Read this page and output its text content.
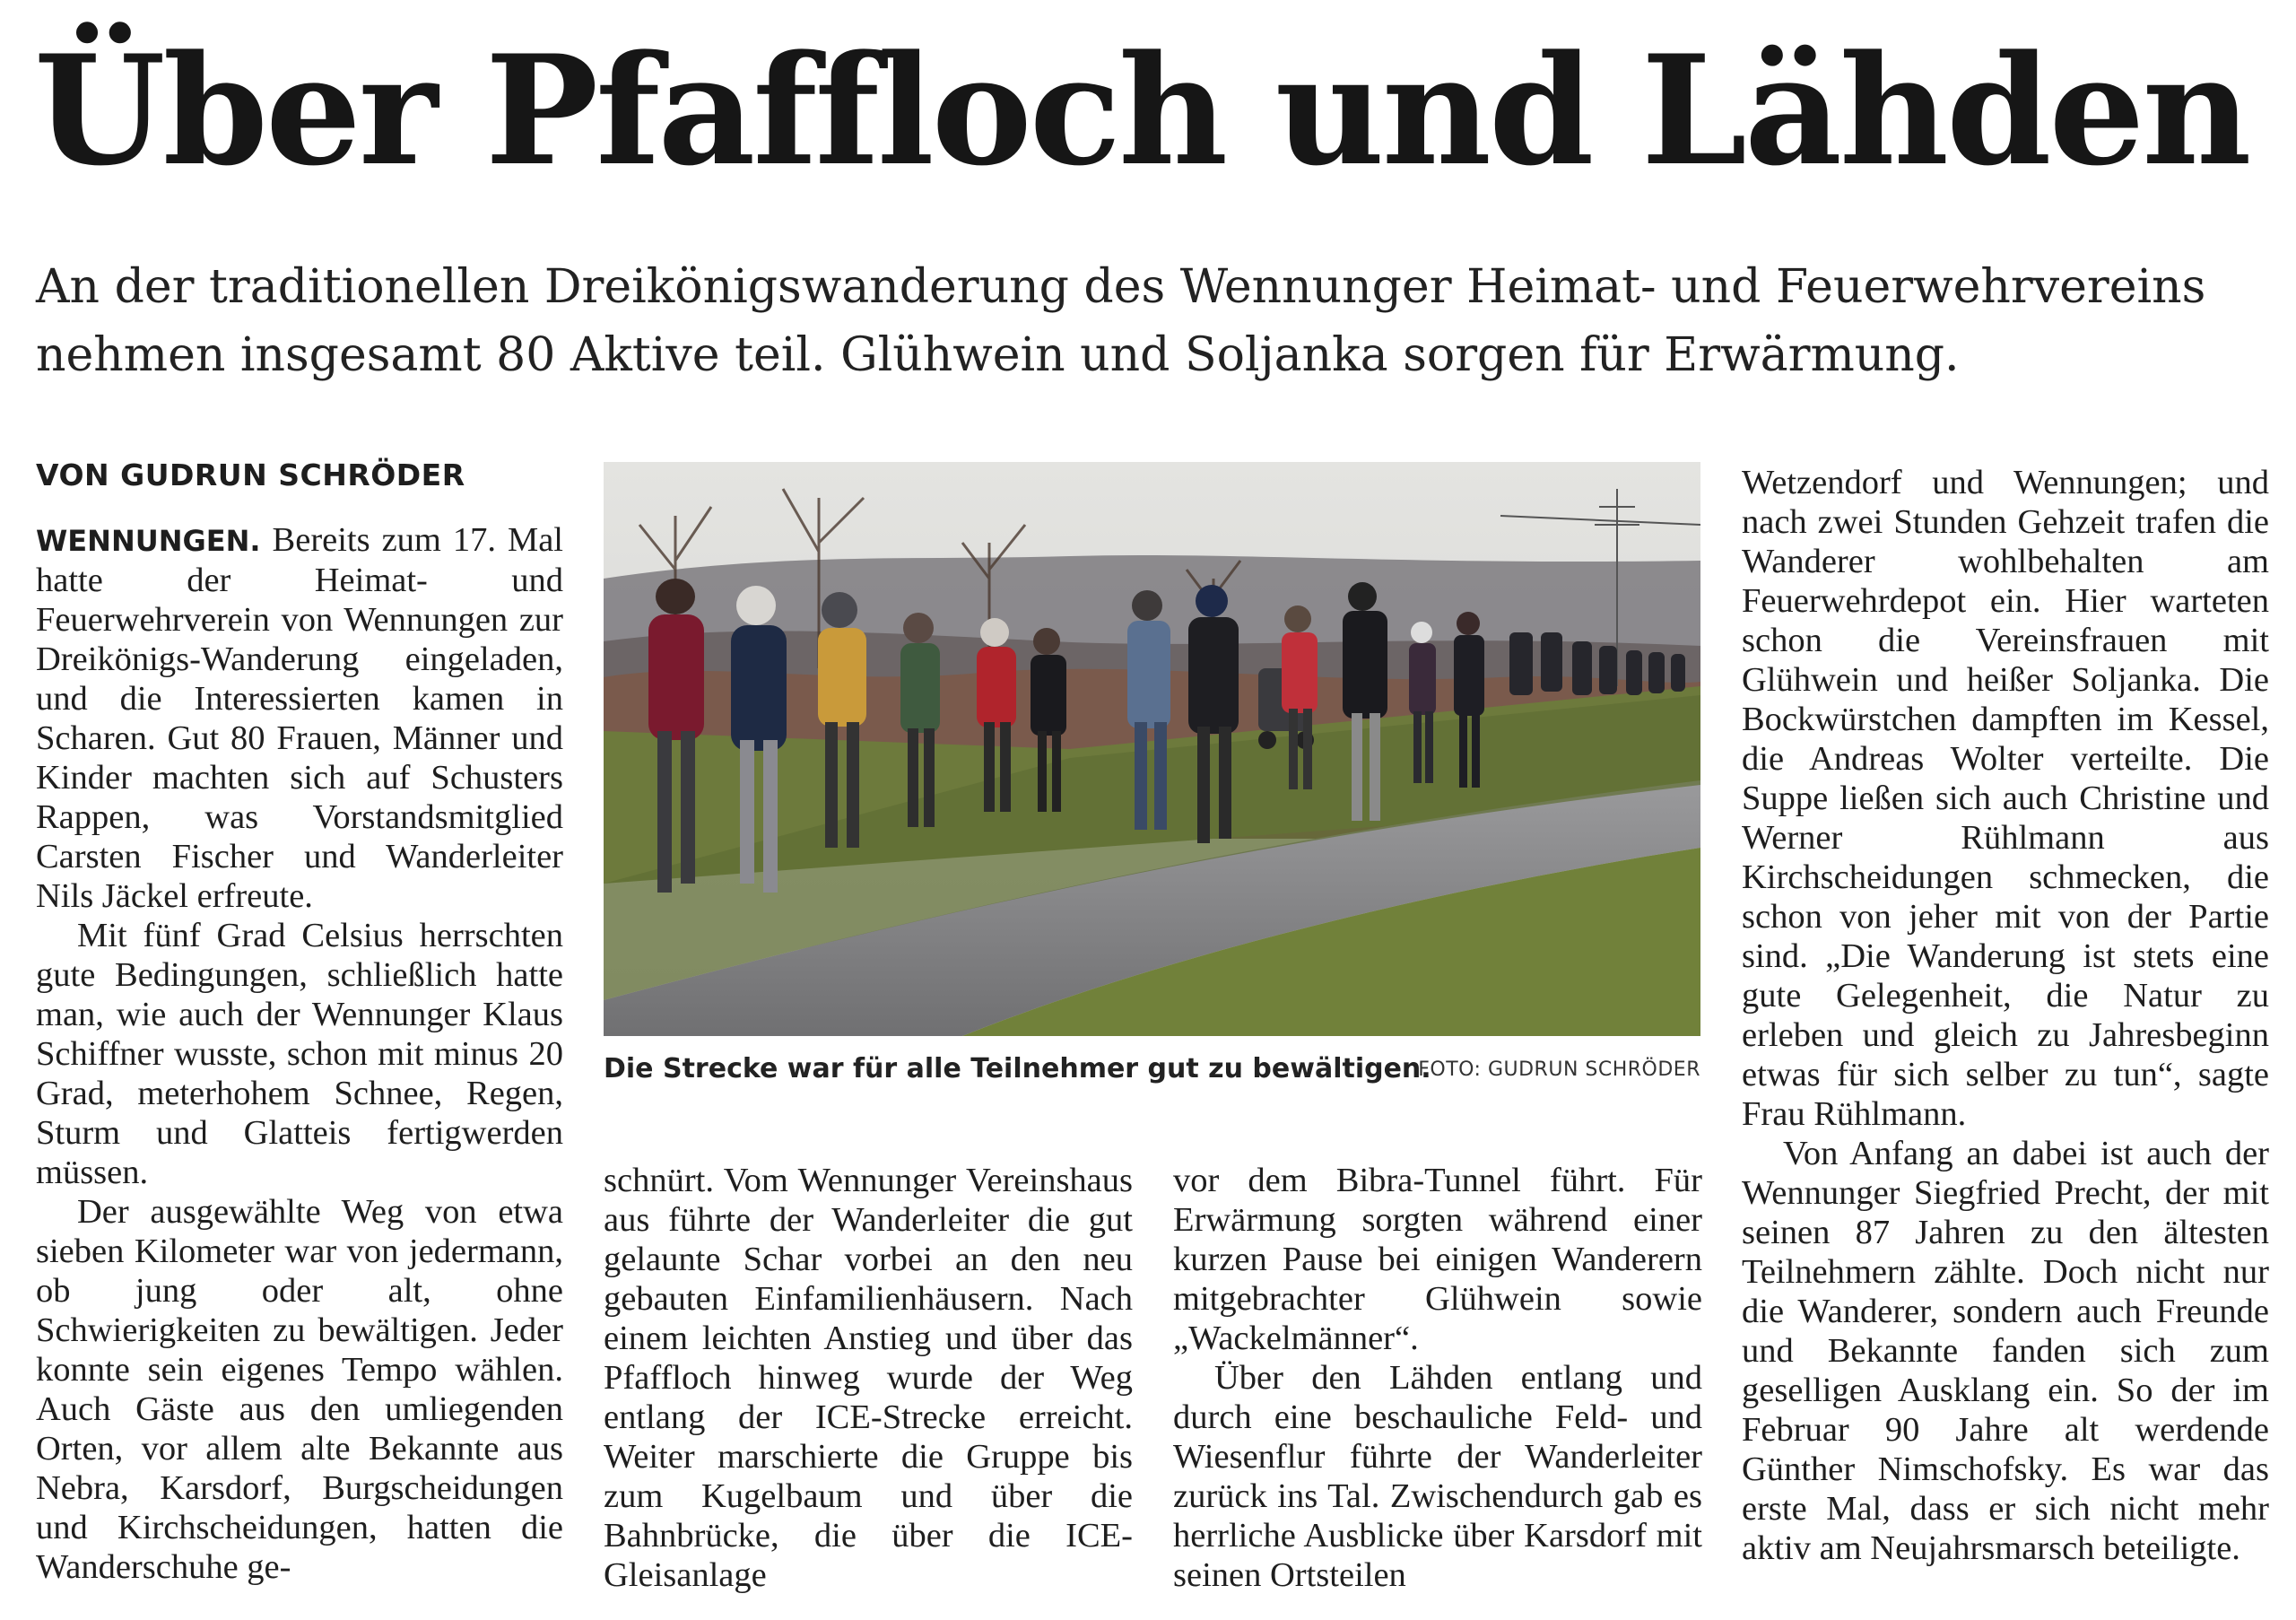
Über Pfaffloch und Lähden
An der traditionellen Dreikönigswanderung des Wennunger Heimat- und Feuerwehrvereins
nehmen insgesamt 80 Aktive teil. Glühwein und Soljanka sorgen für Erwärmung.
VON GUDRUN SCHRÖDER

WENNUNGEN. Bereits zum 17. Mal hatte der Heimat- und Feuerwehrverein von Wennungen zur Dreikönigs-Wanderung eingeladen, und die Interessierten kamen in Scharen. Gut 80 Frauen, Männer und Kinder machten sich auf Schusters Rappen, was Vorstandsmitglied Carsten Fischer und Wanderleiter Nils Jäckel erfreute.

Mit fünf Grad Celsius herrschten gute Bedingungen, schließlich hatte man, wie auch der Wennunger Klaus Schiffner wusste, schon mit minus 20 Grad, meterhohem Schnee, Regen, Sturm und Glatteis fertigwerden müssen.

Der ausgewählte Weg von etwa sieben Kilometer war von jedermann, ob jung oder alt, ohne Schwierigkeiten zu bewältigen. Jeder konnte sein eigenes Tempo wählen. Auch Gäste aus den umliegenden Orten, vor allem alte Bekannte aus Nebra, Karsdorf, Burgscheidungen und Kirchscheidungen, hatten die Wanderschuhe ge-

Die Strecke war für alle Teilnehmer gut zu bewältigen.
FOTO: GUDRUN SCHRÖDER

schnürt. Vom Wennunger Vereinshaus aus führte der Wanderleiter die gut gelaunte Schar vorbei an den neu gebauten Einfamilienhäusern. Nach einem leichten Anstieg und über das Pfaffloch hinweg wurde der Weg entlang der ICE-Strecke erreicht. Weiter marschierte die Gruppe bis zum Kugelbaum und über die Bahnbrücke, die über die ICE-Gleisanlage

vor dem Bibra-Tunnel führt. Für Erwärmung sorgten während einer kurzen Pause bei einigen Wanderern mitgebrachter Glühwein sowie „Wackelmänner“.

Über den Lähden entlang und durch eine beschauliche Feld- und Wiesenflur führte der Wanderleiter zurück ins Tal. Zwischendurch gab es herrliche Ausblicke über Karsdorf mit seinen Ortsteilen

Wetzendorf und Wennungen; und nach zwei Stunden Gehzeit trafen die Wanderer wohlbehalten am Feuerwehrdepot ein. Hier warteten schon die Vereinsfrauen mit Glühwein und heißer Soljanka. Die Bockwürstchen dampften im Kessel, die Andreas Wolter verteilte. Die Suppe ließen sich auch Christine und Werner Rühlmann aus Kirchscheidungen schmecken, die schon von jeher mit von der Partie sind. „Die Wanderung ist stets eine gute Gelegenheit, die Natur zu erleben und gleich zu Jahresbeginn etwas für sich selber zu tun“, sagte Frau Rühlmann.

Von Anfang an dabei ist auch der Wennunger Siegfried Precht, der mit seinen 87 Jahren zu den ältesten Teilnehmern zählte. Doch nicht nur die Wanderer, sondern auch Freunde und Bekannte fanden sich zum geselligen Ausklang ein. So der im Februar 90 Jahre alt werdende Günther Nimschofsky. Es war das erste Mal, dass er sich nicht mehr aktiv am Neujahrsmarsch beteiligte.
